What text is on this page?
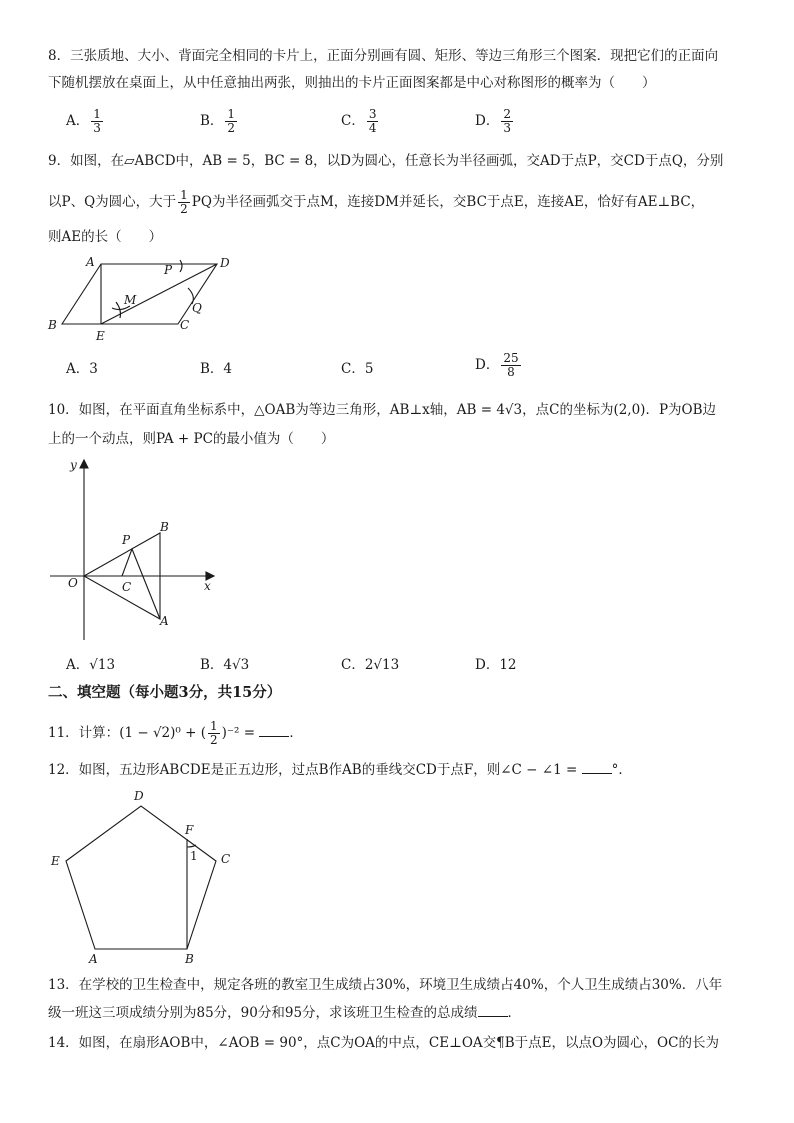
8．三张质地、大小、背面完全相同的卡片上，正面分别画有圆、矩形、等边三角形三个图案．现把它们的正面向
下随机摆放在桌面上，从中任意抽出两张，则抽出的卡片正面图案都是中心对称图形的概率为（　　）
A． $\frac{1}{3}$	B． $\frac{1}{2}$	C． $\frac{3}{4}$	D． $\frac{2}{3}$
9．如图，在▱ABCD中，AB = 5，BC = 8，以D为圆心，任意长为半径画弧，交AD于点P，交CD于点Q，分别
以P、Q为圆心，大于 $\frac{1}{2}$ PQ为半径画弧交于点M，连接DM并延长，交BC于点E，连接AE，恰好有AE⊥BC，
则AE的长（　　）
A	D
B
E
C
P
Q
M
A．3	B．4	C．5	D． $\frac{25}{8}$
10．如图，在平面直角坐标系中，△OAB为等边三角形，AB⊥x轴，AB = 4√3，点C的坐标为(2,0)．P为OB边
上的一个动点，则PA + PC的最小值为（　　）
y
x
O
B
A
P
C
A．√13	B．4√3	C．2√13	D．12
二、填空题（每小题3分，共15分）
11．计算：(1 − √2)⁰ + ( $\frac{1}{2} )^{-2}$ =	．
12．如图，五边形ABCDE是正五边形，过点B作AB的垂线交CD于点F，则∠C − ∠1 =	°．
A	B
C
D
E
F
1
13．在学校的卫生检查中，规定各班的教室卫生成绩占30%，环境卫生成绩占40%，个人卫生成绩占30%．八年
级一班这三项成绩分别为85分，90分和95分，求该班卫生检查的总成绩 ．
14．如图，在扇形AOB中，∠AOB = 90°，点C为OA的中点，CE⊥OA交¶B于点E，以点O为圆心，OC的长为
